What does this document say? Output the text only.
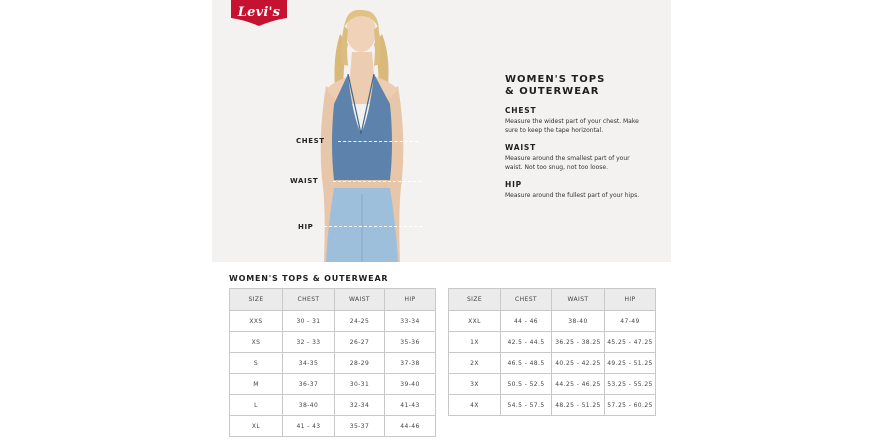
Levi's
CHEST
WAIST
HIP
WOMEN'S TOPS
& OUTERWEAR
CHEST
Measure the widest part of your chest. Make
sure to keep the tape horizontal.
WAIST
Measure around the smallest part of your
waist. Not too snug, not too loose.
HIP
Measure around the fullest part of your hips.
WOMEN'S TOPS & OUTERWEAR
SIZE	CHEST	WAIST	HIP
XXS	30 - 31	24-25	33-34
XS	32 - 33	26-27	35-36
S	34-35	28-29	37-38
M	36-37	30-31	39-40
L	38-40	32-34	41-43
XL	41 - 43	35-37	44-46
SIZE	CHEST	WAIST	HIP
XXL	44 - 46	38-40	47-49
1X	42.5 - 44.5	36.25 - 38.25	45.25 - 47.25
2X	46.5 - 48.5	40.25 - 42.25	49.25 - 51.25
3X	50.5 - 52.5	44.25 - 46.25	53.25 - 55.25
4X	54.5 - 57.5	48.25 - 51.25	57.25 - 60.25
